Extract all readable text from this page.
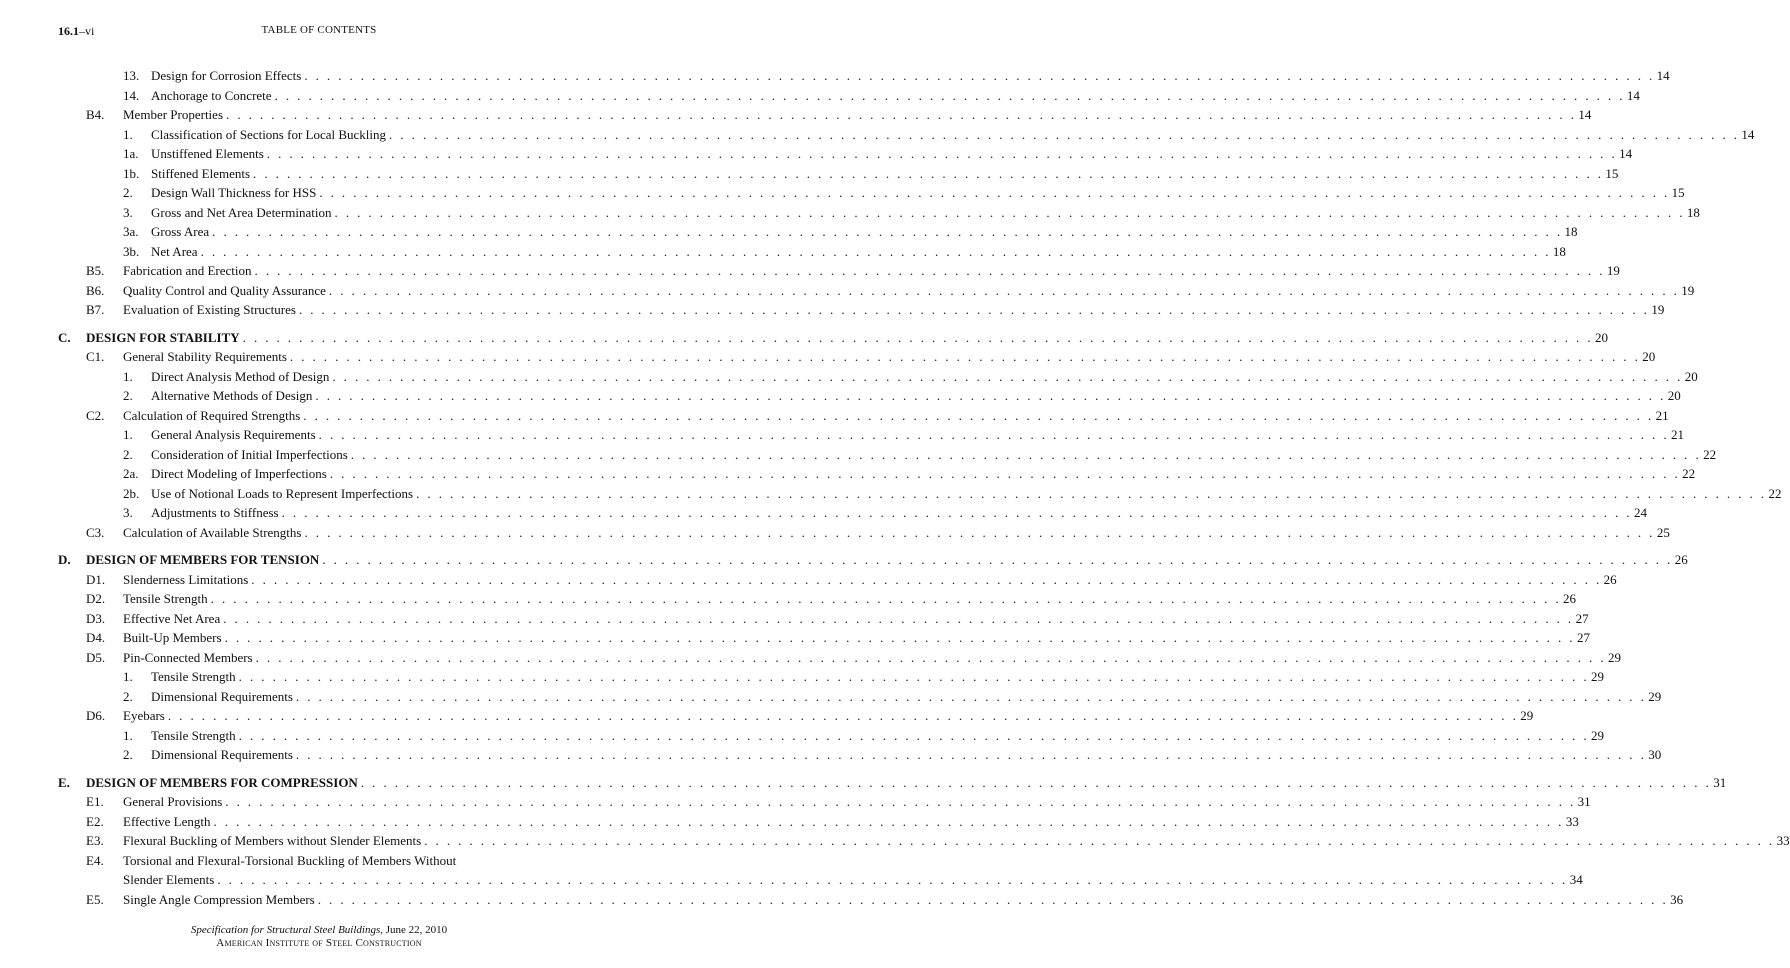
16.1–vi	TABLE OF CONTENTS
13. Design for Corrosion Effects . . . . . . . . . . . . . . . . . . . . . . . . . . . . . . . . . . . . . . . . . . . . . . . . . . . . . . . . . . . . . . . . . . . . . . . . . . . . . . . . . . . . . . . . . . . . . . . . . . . . . . . . . . . . . . . . . . . . . . . . 14
14. Anchorage to Concrete . . . . . . . . . . . . . . . . . . . . . . . . . . . . . . . . . . . . . . . . . . . . . . . . . . . . . . . . . . . . . . . . . . . . . . . . . . . . . . . . . . . . . . . . . . . . . . . . . . . . . . . . . . . . . . . . . . . . . . . . 14
B4. Member Properties . . . . . . . . . . . . . . . . . . . . . . . . . . . . . . . . . . . . . . . . . . . . . . . . . . . . . . . . . . . . . . . . . . . . . . . . . . . . . . . . . . . . . . . . . . . . . . . . . . . . . . . . . . . . . . . . . . . . . . . . 14
1. Classification of Sections for Local Buckling . . . . . . . . . . . . . . . . . . . . . . . . . . . . . . . . . . . . . . . . . . . . . . . . . . . . . . . . . . . . . . . . . . . . . . . . . . . . . . . . . . . . . . . . . . . . . . . . . . . . . . . . . . . . . . . . . . . . . . . . 14
1a. Unstiffened Elements . . . . . . . . . . . . . . . . . . . . . . . . . . . . . . . . . . . . . . . . . . . . . . . . . . . . . . . . . . . . . . . . . . . . . . . . . . . . . . . . . . . . . . . . . . . . . . . . . . . . . . . . . . . . . . . . . . . . . . . . 14
1b. Stiffened Elements . . . . . . . . . . . . . . . . . . . . . . . . . . . . . . . . . . . . . . . . . . . . . . . . . . . . . . . . . . . . . . . . . . . . . . . . . . . . . . . . . . . . . . . . . . . . . . . . . . . . . . . . . . . . . . . . . . . . . . . . 15
2. Design Wall Thickness for HSS . . . . . . . . . . . . . . . . . . . . . . . . . . . . . . . . . . . . . . . . . . . . . . . . . . . . . . . . . . . . . . . . . . . . . . . . . . . . . . . . . . . . . . . . . . . . . . . . . . . . . . . . . . . . . . . . . . . . . . . . 15
3. Gross and Net Area Determination . . . . . . . . . . . . . . . . . . . . . . . . . . . . . . . . . . . . . . . . . . . . . . . . . . . . . . . . . . . . . . . . . . . . . . . . . . . . . . . . . . . . . . . . . . . . . . . . . . . . . . . . . . . . . . . . . . . . . . . . 18
3a. Gross Area . . . . . . . . . . . . . . . . . . . . . . . . . . . . . . . . . . . . . . . . . . . . . . . . . . . . . . . . . . . . . . . . . . . . . . . . . . . . . . . . . . . . . . . . . . . . . . . . . . . . . . . . . . . . . . . . . . . . . . . . 18
3b. Net Area . . . . . . . . . . . . . . . . . . . . . . . . . . . . . . . . . . . . . . . . . . . . . . . . . . . . . . . . . . . . . . . . . . . . . . . . . . . . . . . . . . . . . . . . . . . . . . . . . . . . . . . . . . . . . . . . . . . . . . . . 18
B5. Fabrication and Erection . . . . . . . . . . . . . . . . . . . . . . . . . . . . . . . . . . . . . . . . . . . . . . . . . . . . . . . . . . . . . . . . . . . . . . . . . . . . . . . . . . . . . . . . . . . . . . . . . . . . . . . . . . . . . . . . . . . . . . . . 19
B6. Quality Control and Quality Assurance . . . . . . . . . . . . . . . . . . . . . . . . . . . . . . . . . . . . . . . . . . . . . . . . . . . . . . . . . . . . . . . . . . . . . . . . . . . . . . . . . . . . . . . . . . . . . . . . . . . . . . . . . . . . . . . . . . . . . . . . 19
B7. Evaluation of Existing Structures . . . . . . . . . . . . . . . . . . . . . . . . . . . . . . . . . . . . . . . . . . . . . . . . . . . . . . . . . . . . . . . . . . . . . . . . . . . . . . . . . . . . . . . . . . . . . . . . . . . . . . . . . . . . . . . . . . . . . . . . 19
C. DESIGN FOR STABILITY . . . . . . . . . . . . . . . . . . . . . . . . . . . . . . . . . . . . . . . . . . . . . . . . . . . . . . . . . . . . . . . . . . . . . . . . . . . . . . . . . . . . . . . . . . . . . . . . . . . . . . . . . . . . . . . . . . . . . . . . 20
C1. General Stability Requirements . . . . . . . . . . . . . . . . . . . . . . . . . . . . . . . . . . . . . . . . . . . . . . . . . . . . . . . . . . . . . . . . . . . . . . . . . . . . . . . . . . . . . . . . . . . . . . . . . . . . . . . . . . . . . . . . . . . . . . . . 20
1. Direct Analysis Method of Design . . . . . . . . . . . . . . . . . . . . . . . . . . . . . . . . . . . . . . . . . . . . . . . . . . . . . . . . . . . . . . . . . . . . . . . . . . . . . . . . . . . . . . . . . . . . . . . . . . . . . . . . . . . . . . . . . . . . . . . . 20
2. Alternative Methods of Design . . . . . . . . . . . . . . . . . . . . . . . . . . . . . . . . . . . . . . . . . . . . . . . . . . . . . . . . . . . . . . . . . . . . . . . . . . . . . . . . . . . . . . . . . . . . . . . . . . . . . . . . . . . . . . . . . . . . . . . . 20
C2. Calculation of Required Strengths . . . . . . . . . . . . . . . . . . . . . . . . . . . . . . . . . . . . . . . . . . . . . . . . . . . . . . . . . . . . . . . . . . . . . . . . . . . . . . . . . . . . . . . . . . . . . . . . . . . . . . . . . . . . . . . . . . . . . . . . 21
1. General Analysis Requirements . . . . . . . . . . . . . . . . . . . . . . . . . . . . . . . . . . . . . . . . . . . . . . . . . . . . . . . . . . . . . . . . . . . . . . . . . . . . . . . . . . . . . . . . . . . . . . . . . . . . . . . . . . . . . . . . . . . . . . . . 21
2. Consideration of Initial Imperfections . . . . . . . . . . . . . . . . . . . . . . . . . . . . . . . . . . . . . . . . . . . . . . . . . . . . . . . . . . . . . . . . . . . . . . . . . . . . . . . . . . . . . . . . . . . . . . . . . . . . . . . . . . . . . . . . . . . . . . . . 22
2a. Direct Modeling of Imperfections . . . . . . . . . . . . . . . . . . . . . . . . . . . . . . . . . . . . . . . . . . . . . . . . . . . . . . . . . . . . . . . . . . . . . . . . . . . . . . . . . . . . . . . . . . . . . . . . . . . . . . . . . . . . . . . . . . . . . . . . 22
2b. Use of Notional Loads to Represent Imperfections . . . . . . . . . . . . . . . . . . . . . . . . . . . . . . . . . . . . . . . . . . . . . . . . . . . . . . . . . . . . . . . . . . . . . . . . . . . . . . . . . . . . . . . . . . . . . . . . . . . . . . . . . . . . . . . . . . . . . . . . 22
3. Adjustments to Stiffness . . . . . . . . . . . . . . . . . . . . . . . . . . . . . . . . . . . . . . . . . . . . . . . . . . . . . . . . . . . . . . . . . . . . . . . . . . . . . . . . . . . . . . . . . . . . . . . . . . . . . . . . . . . . . . . . . . . . . . . . 24
C3. Calculation of Available Strengths . . . . . . . . . . . . . . . . . . . . . . . . . . . . . . . . . . . . . . . . . . . . . . . . . . . . . . . . . . . . . . . . . . . . . . . . . . . . . . . . . . . . . . . . . . . . . . . . . . . . . . . . . . . . . . . . . . . . . . . . 25
D. DESIGN OF MEMBERS FOR TENSION . . . . . . . . . . . . . . . . . . . . . . . . . . . . . . . . . . . . . . . . . . . . . . . . . . . . . . . . . . . . . . . . . . . . . . . . . . . . . . . . . . . . . . . . . . . . . . . . . . . . . . . . . . . . . . . . . . . . . . . . 26
D1. Slenderness Limitations . . . . . . . . . . . . . . . . . . . . . . . . . . . . . . . . . . . . . . . . . . . . . . . . . . . . . . . . . . . . . . . . . . . . . . . . . . . . . . . . . . . . . . . . . . . . . . . . . . . . . . . . . . . . . . . . . . . . . . . . 26
D2. Tensile Strength . . . . . . . . . . . . . . . . . . . . . . . . . . . . . . . . . . . . . . . . . . . . . . . . . . . . . . . . . . . . . . . . . . . . . . . . . . . . . . . . . . . . . . . . . . . . . . . . . . . . . . . . . . . . . . . . . . . . . . . . 26
D3. Effective Net Area . . . . . . . . . . . . . . . . . . . . . . . . . . . . . . . . . . . . . . . . . . . . . . . . . . . . . . . . . . . . . . . . . . . . . . . . . . . . . . . . . . . . . . . . . . . . . . . . . . . . . . . . . . . . . . . . . . . . . . . . 27
D4. Built-Up Members . . . . . . . . . . . . . . . . . . . . . . . . . . . . . . . . . . . . . . . . . . . . . . . . . . . . . . . . . . . . . . . . . . . . . . . . . . . . . . . . . . . . . . . . . . . . . . . . . . . . . . . . . . . . . . . . . . . . . . . . 27
D5. Pin-Connected Members . . . . . . . . . . . . . . . . . . . . . . . . . . . . . . . . . . . . . . . . . . . . . . . . . . . . . . . . . . . . . . . . . . . . . . . . . . . . . . . . . . . . . . . . . . . . . . . . . . . . . . . . . . . . . . . . . . . . . . . . 29
1. Tensile Strength . . . . . . . . . . . . . . . . . . . . . . . . . . . . . . . . . . . . . . . . . . . . . . . . . . . . . . . . . . . . . . . . . . . . . . . . . . . . . . . . . . . . . . . . . . . . . . . . . . . . . . . . . . . . . . . . . . . . . . . . 29
2. Dimensional Requirements . . . . . . . . . . . . . . . . . . . . . . . . . . . . . . . . . . . . . . . . . . . . . . . . . . . . . . . . . . . . . . . . . . . . . . . . . . . . . . . . . . . . . . . . . . . . . . . . . . . . . . . . . . . . . . . . . . . . . . . . 29
D6. Eyebars . . . . . . . . . . . . . . . . . . . . . . . . . . . . . . . . . . . . . . . . . . . . . . . . . . . . . . . . . . . . . . . . . . . . . . . . . . . . . . . . . . . . . . . . . . . . . . . . . . . . . . . . . . . . . . . . . . . . . . . . 29
1. Tensile Strength . . . . . . . . . . . . . . . . . . . . . . . . . . . . . . . . . . . . . . . . . . . . . . . . . . . . . . . . . . . . . . . . . . . . . . . . . . . . . . . . . . . . . . . . . . . . . . . . . . . . . . . . . . . . . . . . . . . . . . . . 29
2. Dimensional Requirements . . . . . . . . . . . . . . . . . . . . . . . . . . . . . . . . . . . . . . . . . . . . . . . . . . . . . . . . . . . . . . . . . . . . . . . . . . . . . . . . . . . . . . . . . . . . . . . . . . . . . . . . . . . . . . . . . . . . . . . . 30
E. DESIGN OF MEMBERS FOR COMPRESSION . . . . . . . . . . . . . . . . . . . . . . . . . . . . . . . . . . . . . . . . . . . . . . . . . . . . . . . . . . . . . . . . . . . . . . . . . . . . . . . . . . . . . . . . . . . . . . . . . . . . . . . . . . . . . . . . . . . . . . . . 31
E1. General Provisions . . . . . . . . . . . . . . . . . . . . . . . . . . . . . . . . . . . . . . . . . . . . . . . . . . . . . . . . . . . . . . . . . . . . . . . . . . . . . . . . . . . . . . . . . . . . . . . . . . . . . . . . . . . . . . . . . . . . . . . . 31
E2. Effective Length . . . . . . . . . . . . . . . . . . . . . . . . . . . . . . . . . . . . . . . . . . . . . . . . . . . . . . . . . . . . . . . . . . . . . . . . . . . . . . . . . . . . . . . . . . . . . . . . . . . . . . . . . . . . . . . . . . . . . . . . 33
E3. Flexural Buckling of Members without Slender Elements . . . . . . . . . . . . . . . . . . . . . . . . . . . . . . . . . . . . . . . . . . . . . . . . . . . . . . . . . . . . . . . . . . . . . . . . . . . . . . . . . . . . . . . . . . . . . . . . . . . . . . . . . . . . . . . . . . . . . . . . 33
E4. Torsional and Flexural-Torsional Buckling of Members Without
Slender Elements . . . . . . . . . . . . . . . . . . . . . . . . . . . . . . . . . . . . . . . . . . . . . . . . . . . . . . . . . . . . . . . . . . . . . . . . . . . . . . . . . . . . . . . . . . . . . . . . . . . . . . . . . . . . . . . . . . . . . . . . 34
E5. Single Angle Compression Members . . . . . . . . . . . . . . . . . . . . . . . . . . . . . . . . . . . . . . . . . . . . . . . . . . . . . . . . . . . . . . . . . . . . . . . . . . . . . . . . . . . . . . . . . . . . . . . . . . . . . . . . . . . . . . . . . . . . . . . . 36
Specification for Structural Steel Buildings, June 22, 2010
American Institute of Steel Construction
